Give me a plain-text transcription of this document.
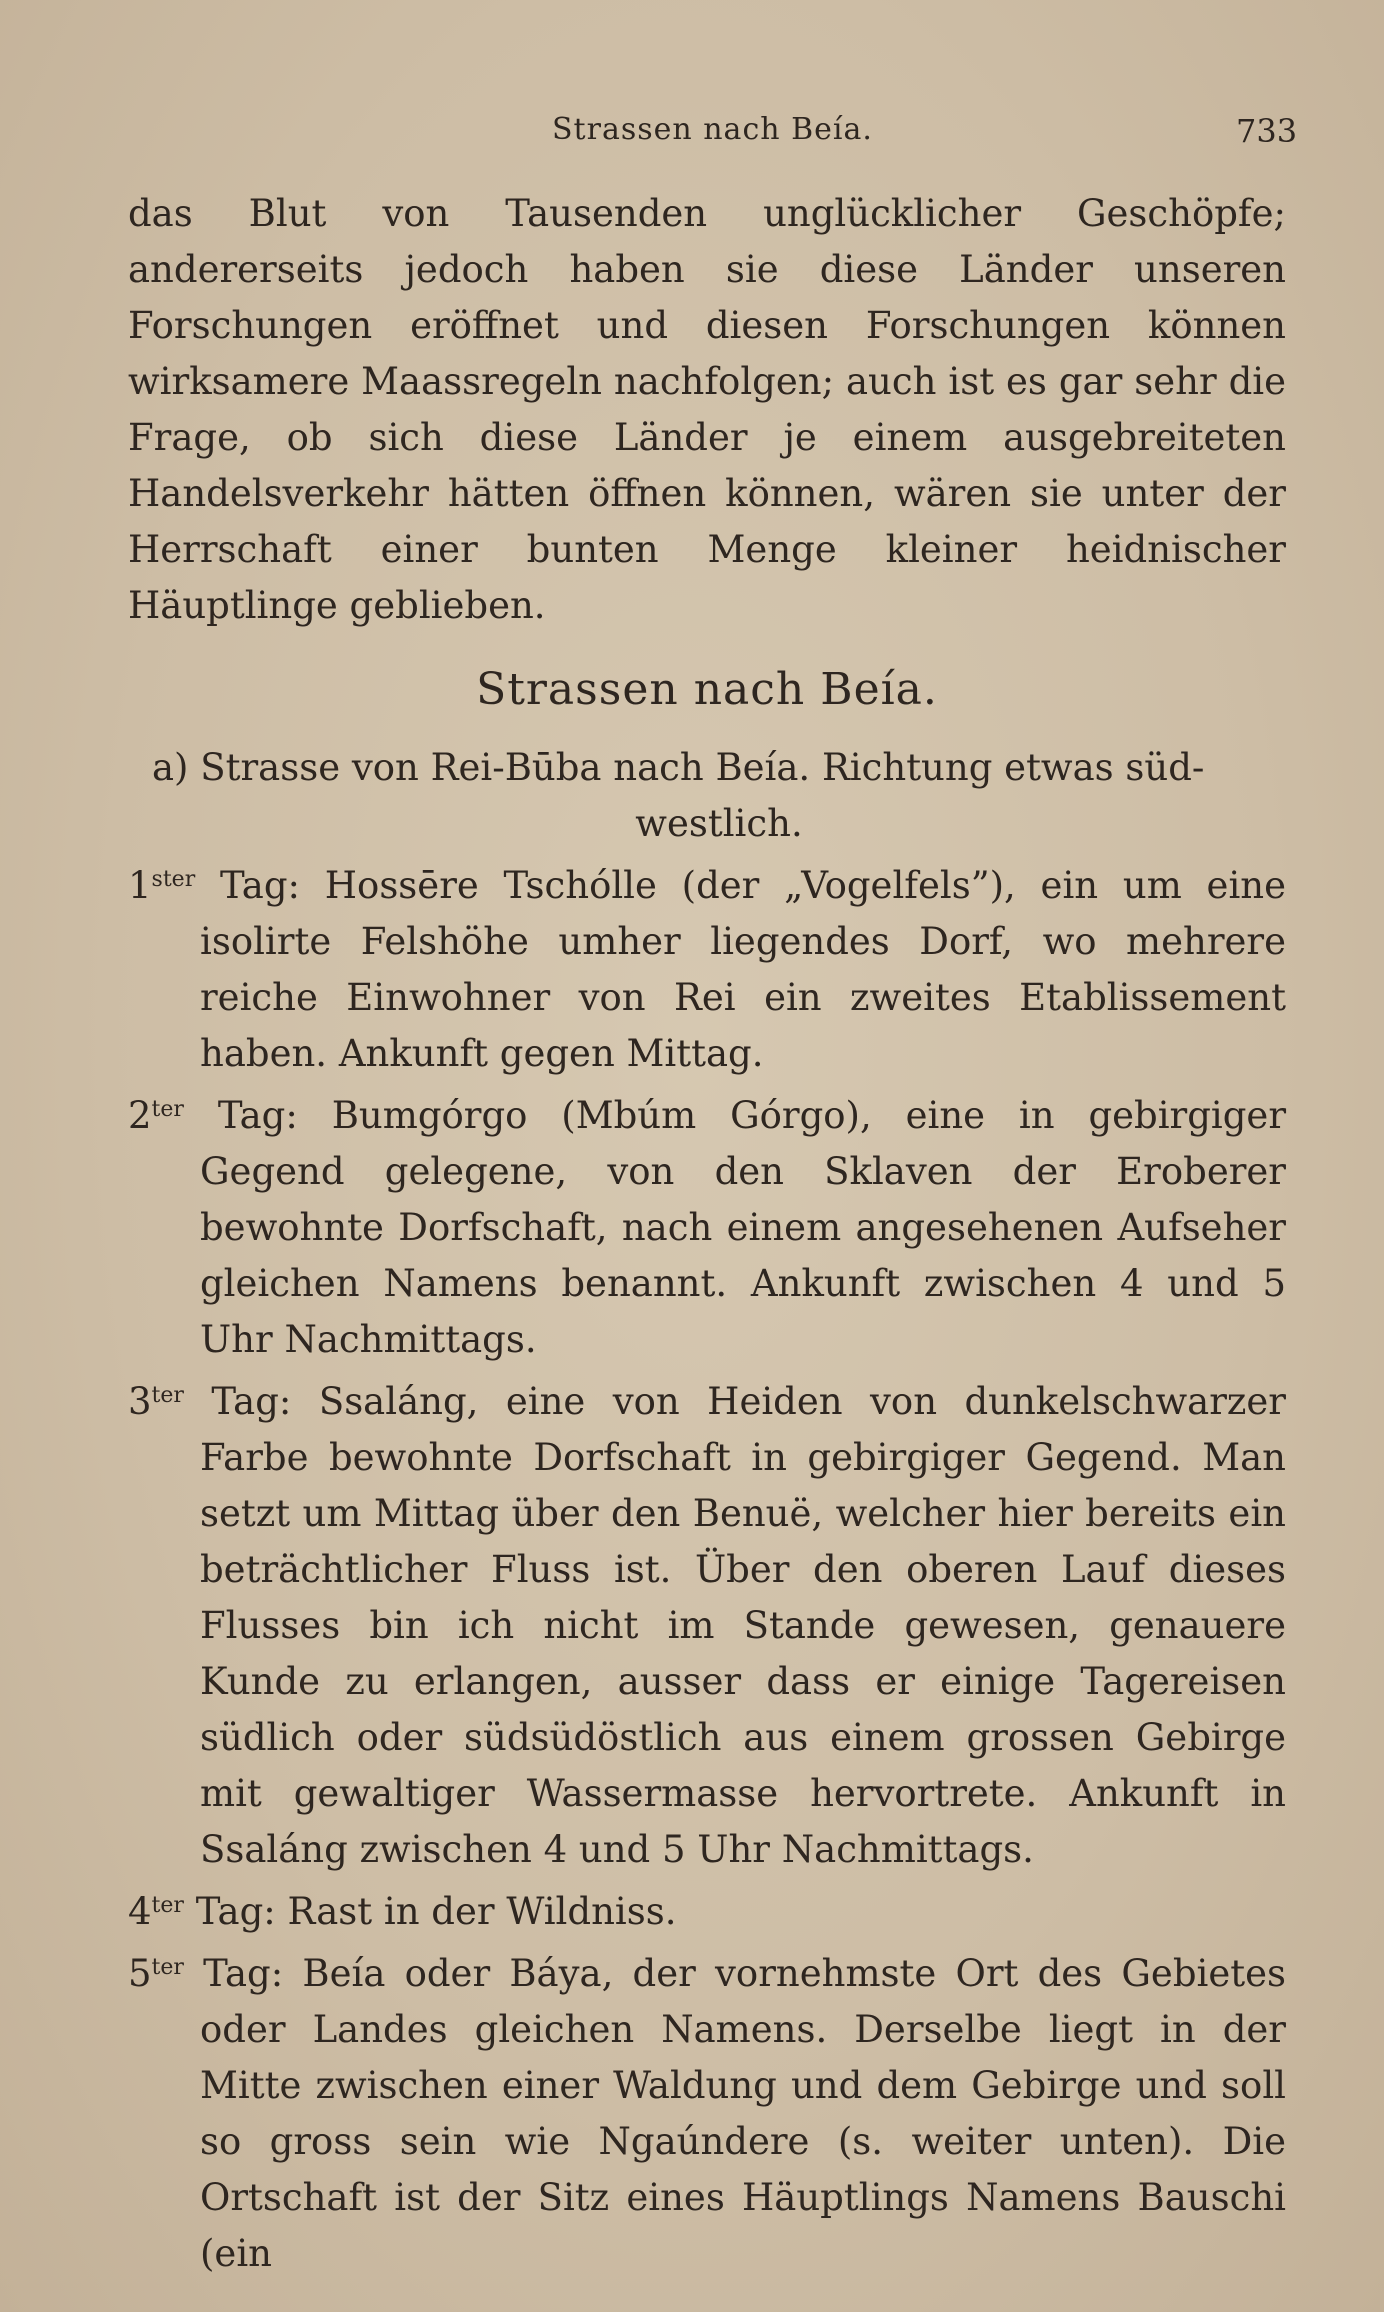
Strassen nach Beía.	733

das Blut von Tausenden unglücklicher Geschöpfe; andererseits jedoch haben sie diese Länder unseren Forschungen eröffnet und diesen Forschungen können wirksamere Maassregeln nachfolgen; auch ist es gar sehr die Frage, ob sich diese Länder je einem ausgebreiteten Handelsverkehr hätten öffnen können, wären sie unter der Herrschaft einer bunten Menge kleiner heidnischer Häuptlinge geblieben.

Strassen nach Beía.

a) Strasse von Rei-Būba nach Beía. Richtung etwas süd-
westlich.

$1^{ster}$ Tag: Hossēre Tschólle (der „Vogelfels”), ein um eine isolirte Felshöhe umher liegendes Dorf, wo mehrere reiche Einwohner von Rei ein zweites Etablissement haben. Ankunft gegen Mittag.

$2^{ter}$ Tag: Bumgórgo (Mbúm Górgo), eine in gebirgiger Gegend gelegene, von den Sklaven der Eroberer bewohnte Dorfschaft, nach einem angesehenen Aufseher gleichen Namens benannt. Ankunft zwischen 4 und 5 Uhr Nachmittags.

$3^{ter}$ Tag: Ssaláng, eine von Heiden von dunkelschwarzer Farbe bewohnte Dorfschaft in gebirgiger Gegend. Man setzt um Mittag über den Benuë, welcher hier bereits ein beträchtlicher Fluss ist. Über den oberen Lauf dieses Flusses bin ich nicht im Stande gewesen, genauere Kunde zu erlangen, ausser dass er einige Tagereisen südlich oder südsüdöstlich aus einem grossen Gebirge mit gewaltiger Wassermasse hervortrete. Ankunft in Ssaláng zwischen 4 und 5 Uhr Nachmittags.

$4^{ter}$ Tag: Rast in der Wildniss.

$5^{ter}$ Tag: Beía oder Báya, der vornehmste Ort des Gebietes oder Landes gleichen Namens. Derselbe liegt in der Mitte zwischen einer Waldung und dem Gebirge und soll so gross sein wie Ngaúndere (s. weiter unten). Die Ortschaft ist der Sitz eines Häuptlings Namens Bauschi (ein
